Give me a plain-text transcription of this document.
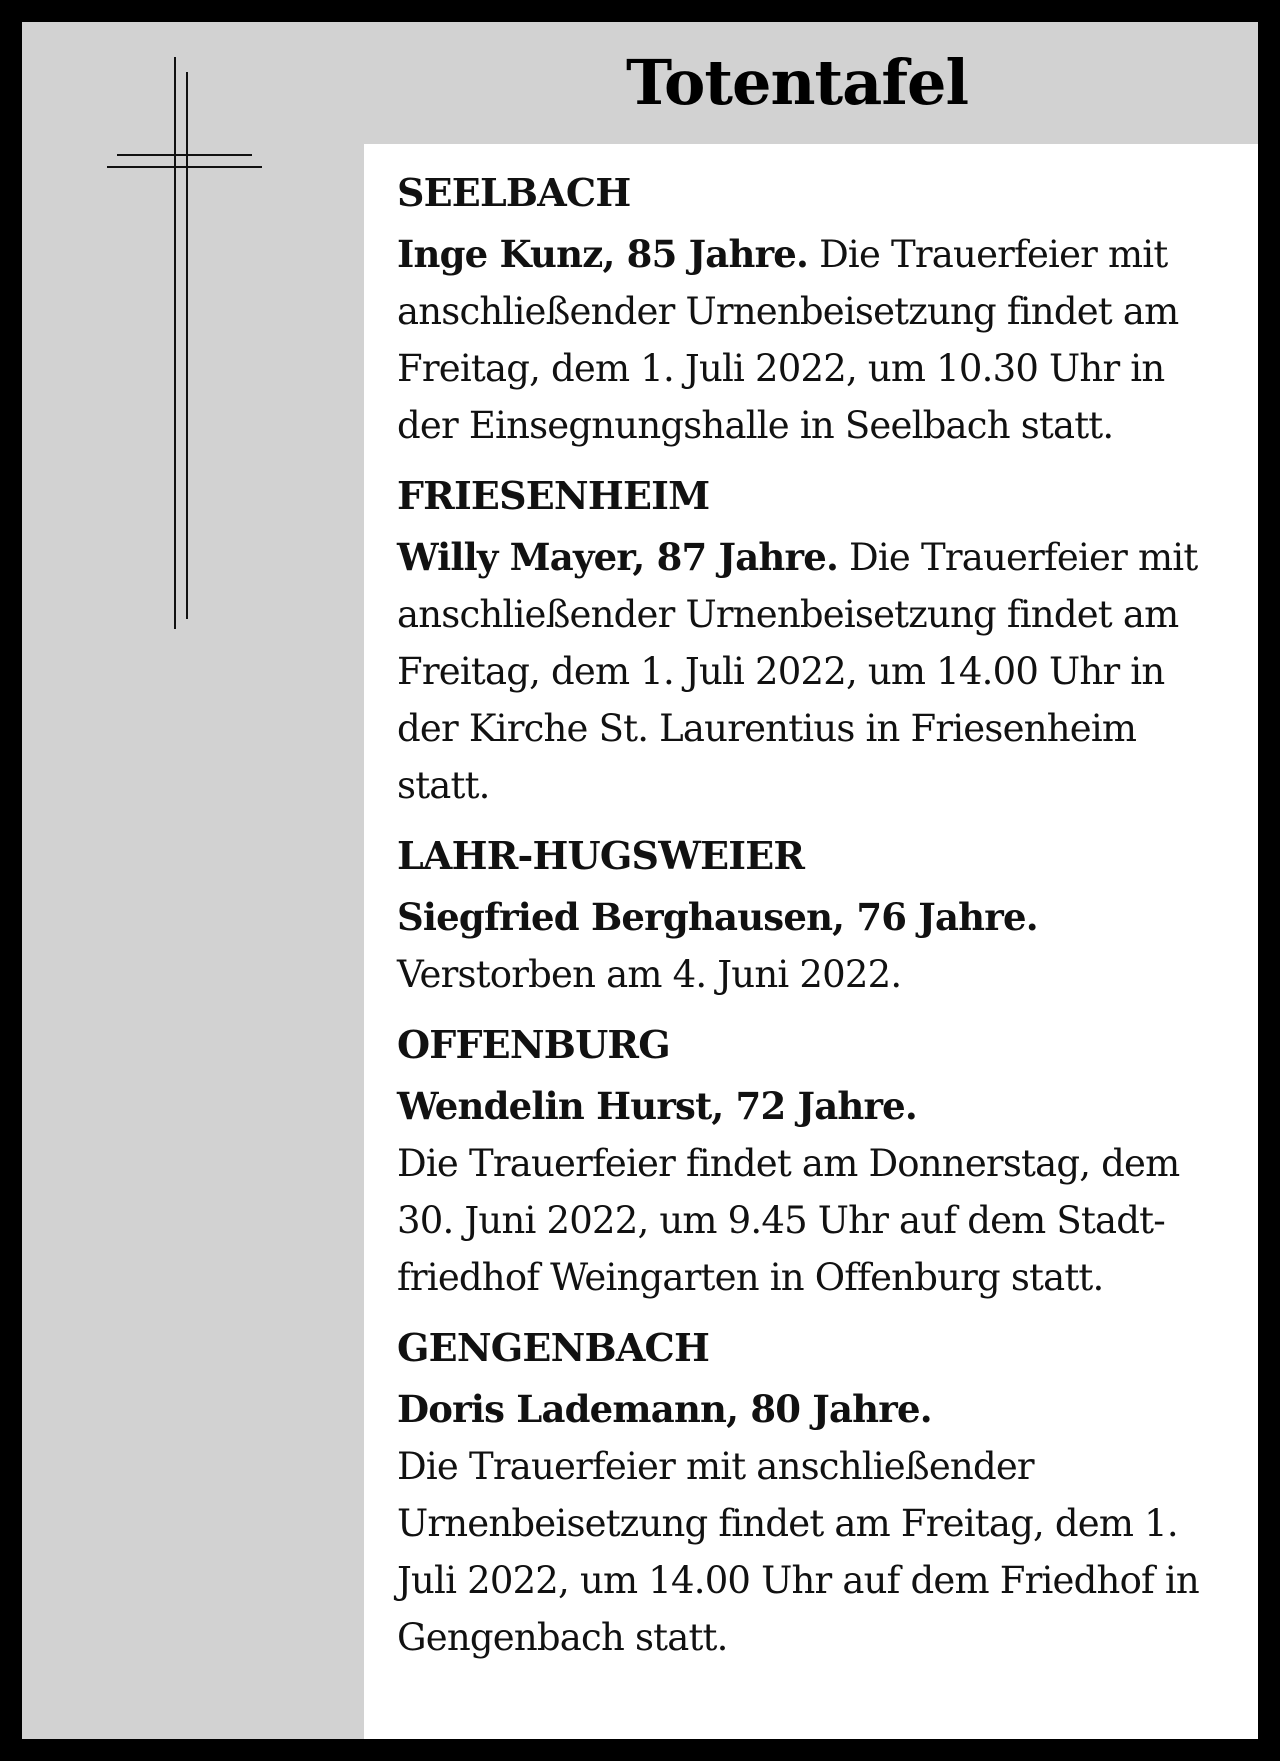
Totentafel
SEELBACH

Inge Kunz, 85 Jahre. Die Trauerfeier mit anschließender Urnenbeisetzung findet am Freitag, dem 1. Juli 2022, um 10.30 Uhr in der Einsegnungshalle in Seelbach statt.

FRIESENHEIM

Willy Mayer, 87 Jahre. Die Trauerfeier mit anschließender Urnenbeisetzung findet am Freitag, dem 1. Juli 2022, um 14.00 Uhr in der Kirche St. Laurentius in Friesenheim statt.

LAHR-HUGSWEIER

Siegfried Berghausen, 76 Jahre.
Verstorben am 4. Juni 2022.

OFFENBURG

Wendelin Hurst, 72 Jahre.
Die Trauerfeier findet am Donnerstag, dem 30. Juni 2022, um 9.45 Uhr auf dem Stadtfriedhof Weingarten in Offenburg statt.

GENGENBACH

Doris Lademann, 80 Jahre.
Die Trauerfeier mit anschließender Urnenbeisetzung findet am Freitag, dem 1. Juli 2022, um 14.00 Uhr auf dem Friedhof in Gengenbach statt.
